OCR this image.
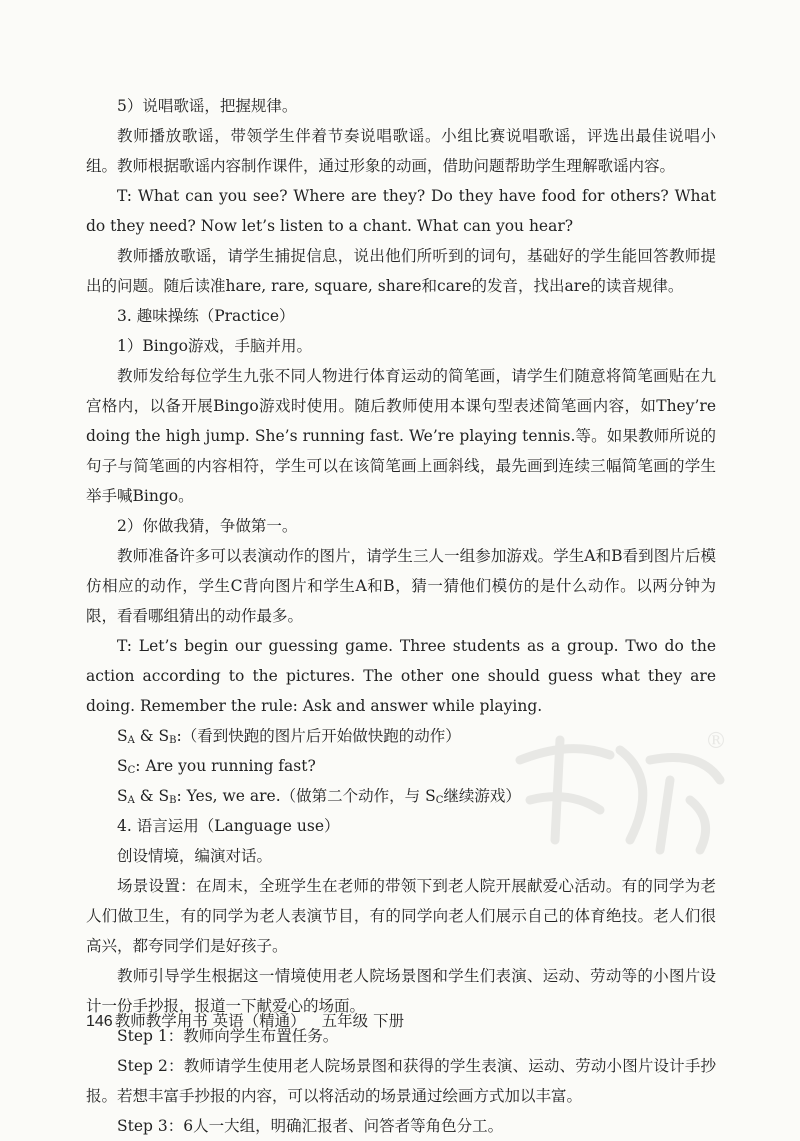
®

5）说唱歌谣，把握规律。

教师播放歌谣，带领学生伴着节奏说唱歌谣。小组比赛说唱歌谣，评选出最佳说唱小组。教师根据歌谣内容制作课件，通过形象的动画，借助问题帮助学生理解歌谣内容。

T: What can you see? Where are they? Do they have food for others? What do they need? Now let’s listen to a chant. What can you hear?

教师播放歌谣，请学生捕捉信息，说出他们所听到的词句，基础好的学生能回答教师提出的问题。随后读准hare, rare, square, share和care的发音，找出are的读音规律。

3. 趣味操练（Practice）

1）Bingo游戏，手脑并用。

教师发给每位学生九张不同人物进行体育运动的简笔画，请学生们随意将简笔画贴在九宫格内，以备开展Bingo游戏时使用。随后教师使用本课句型表述简笔画内容，如They’re doing the high jump. She’s running fast. We’re playing tennis.等。如果教师所说的句子与简笔画的内容相符，学生可以在该简笔画上画斜线，最先画到连续三幅简笔画的学生举手喊Bingo。

2）你做我猜，争做第一。

教师准备许多可以表演动作的图片，请学生三人一组参加游戏。学生A和B看到图片后模仿相应的动作，学生C背向图片和学生A和B，猜一猜他们模仿的是什么动作。以两分钟为限，看看哪组猜出的动作最多。

T: Let’s begin our guessing game. Three students as a group. Two do the action according to the pictures. The other one should guess what they are doing. Remember the rule: Ask and answer while playing.

$S_A$ & $S_B$:（看到快跑的图片后开始做快跑的动作）

$S_C$: Are you running fast?

$S_A$ & $S_B$: Yes, we are.（做第二个动作，与 $S_C$继续游戏）

4. 语言运用（Language use）

创设情境，编演对话。

场景设置：在周末，全班学生在老师的带领下到老人院开展献爱心活动。有的同学为老人们做卫生，有的同学为老人表演节目，有的同学向老人们展示自己的体育绝技。老人们很高兴，都夸同学们是好孩子。

教师引导学生根据这一情境使用老人院场景图和学生们表演、运动、劳动等的小图片设计一份手抄报，报道一下献爱心的场面。

Step 1：教师向学生布置任务。

Step 2：教师请学生使用老人院场景图和获得的学生表演、运动、劳动小图片设计手抄报。若想丰富手抄报的内容，可以将活动的场景通过绘画方式加以丰富。

Step 3：6人一大组，明确汇报者、问答者等角色分工。

146 教师教学用书 英语（精通） 五年级 下册
